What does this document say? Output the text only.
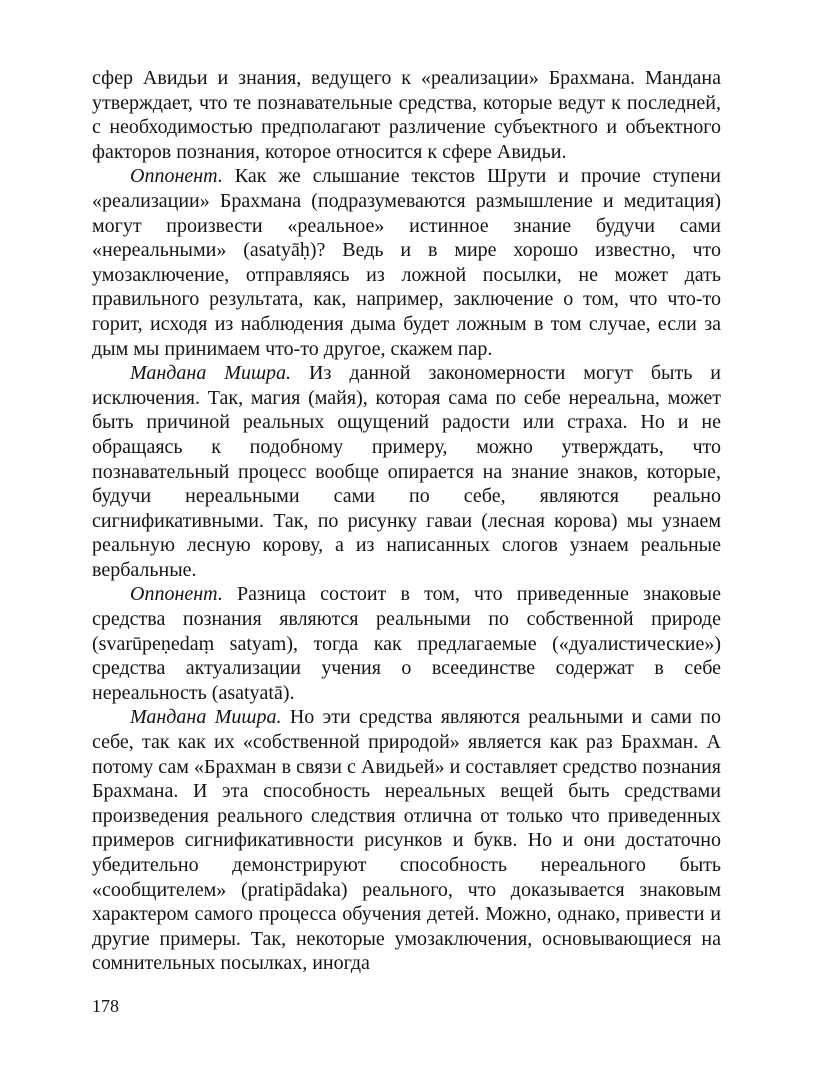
сфер Авидьи и знания, ведущего к «реализации» Брахмана. Мандана утверждает, что те познавательные средства, которые ведут к последней, с необходимостью предполагают различение субъектного и объектного факторов познания, которое относится к сфере Авидьи.

Оппонент. Как же слышание текстов Шрути и прочие ступени «реализации» Брахмана (подразумеваются размышление и медитация) могут произвести «реальное» истинное знание будучи сами «нереальными» (asatyāḥ)? Ведь и в мире хорошо известно, что умозаключение, отправляясь из ложной посылки, не может дать правильного результата, как, например, заключение о том, что что-то горит, исходя из наблюдения дыма будет ложным в том случае, если за дым мы принимаем что-то другое, скажем пар.

Мандана Мишра. Из данной закономерности могут быть и исключения. Так, магия (майя), которая сама по себе нереальна, может быть причиной реальных ощущений радости или страха. Но и не обращаясь к подобному примеру, можно утверждать, что познавательный процесс вообще опирается на знание знаков, которые, будучи нереальными сами по себе, являются реально сигнификативными. Так, по рисунку гаваи (лесная корова) мы узнаем реальную лесную корову, а из написанных слогов узнаем реальные вербальные.

Оппонент. Разница состоит в том, что приведенные знаковые средства познания являются реальными по собственной природе (svarūpeṇedaṃ satyam), тогда как предлагаемые («дуалистические») средства актуализации учения о всеединстве содержат в себе нереальность (asatyatā).

Мандана Мишра. Но эти средства являются реальными и сами по себе, так как их «собственной природой» является как раз Брахман. А потому сам «Брахман в связи с Авидьей» и составляет средство познания Брахмана. И эта способность нереальных вещей быть средствами произведения реального следствия отлична от только что приведенных примеров сигнификативности рисунков и букв. Но и они достаточно убедительно демонстрируют способность нереального быть «сообщителем» (pratipādaka) реального, что доказывается знаковым характером самого процесса обучения детей. Можно, однако, привести и другие примеры. Так, некоторые умозаключения, основывающиеся на сомнительных посылках, иногда

178
